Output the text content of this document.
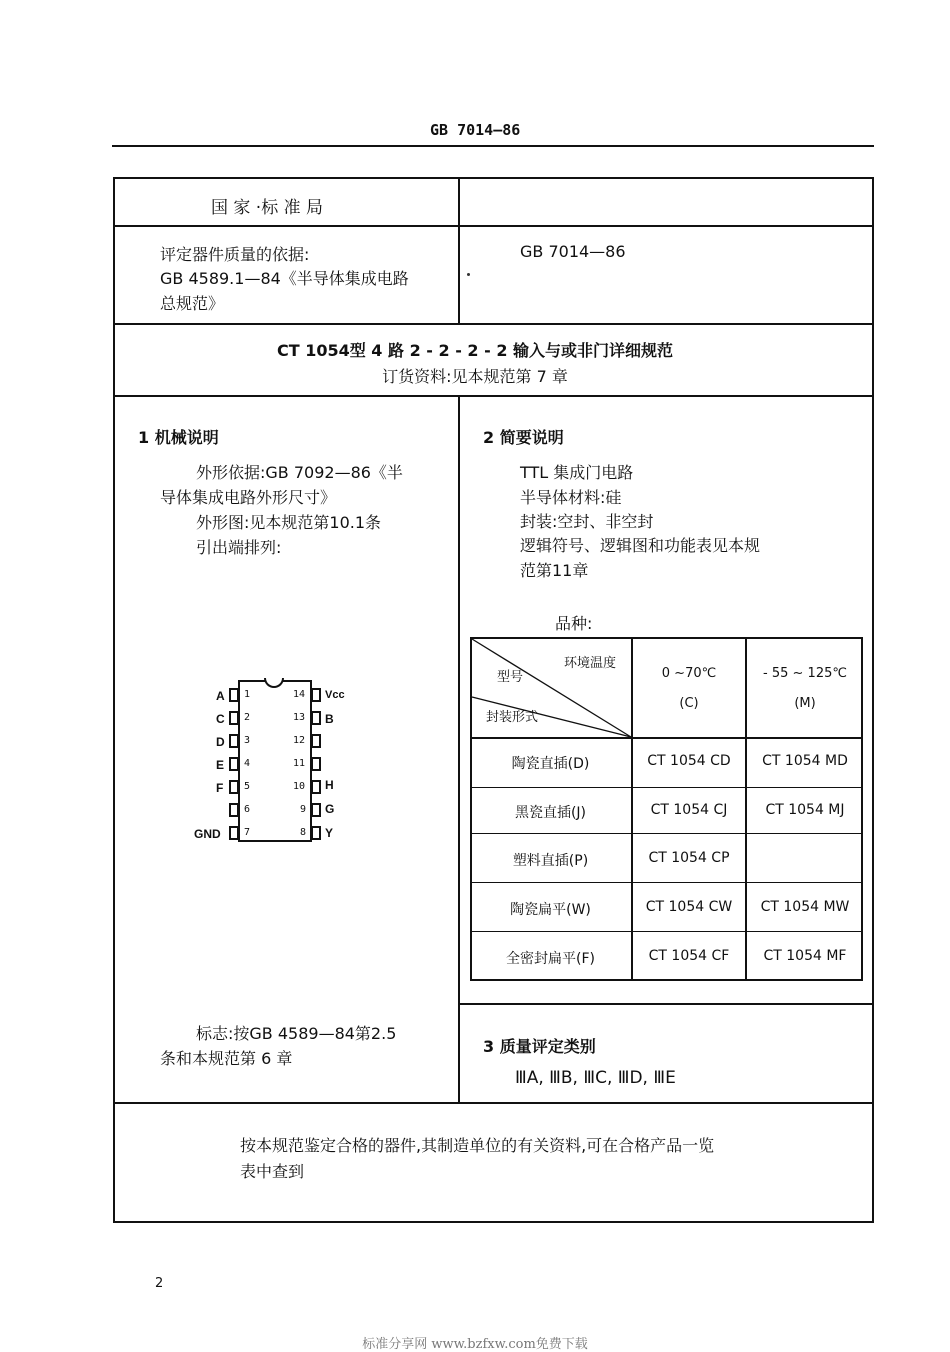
GB 7014—86
国 家 ·标 准 局
评定器件质量的依据:
GB 4589.1—84《半导体集成电路
总规范》
GB 7014—86
CT 1054型 4 路 2 - 2 - 2 - 2 输入与或非门详细规范
订货资料:见本规范第 7 章
1 机械说明
外形依据:GB 7092—86《半
导体集成电路外形尺寸》
外形图:见本规范第10.1条
引出端排列:
1
A
2
C
3
D
4
E
5
F
6
7
GND
14 Vcc
13 B
12
11
10 H
9 G
8 Y
标志:按GB 4589—84第2.5
条和本规范第 6 章
2 简要说明
TTL 集成门电路
半导体材料:硅
封装:空封、非空封
逻辑符号、逻辑图和功能表见本规
范第11章
品种:
环境温度
型号
封装形式
0 ~70℃
(C)
- 55 ~ 125℃
(M)
陶瓷直插(D)	CT 1054 CD	CT 1054 MD
黑瓷直插(J)	CT 1054 CJ	CT 1054 MJ
塑料直插(P)	CT 1054 CP
陶瓷扁平(W)	CT 1054 CW	CT 1054 MW
全密封扁平(F)	CT 1054 CF	CT 1054 MF
3 质量评定类别
ⅢA, ⅢB, ⅢC, ⅢD, ⅢE
按本规范鉴定合格的器件,其制造单位的有关资料,可在合格产品一览
表中查到
2
标准分享网 www.bzfxw.com免费下载
